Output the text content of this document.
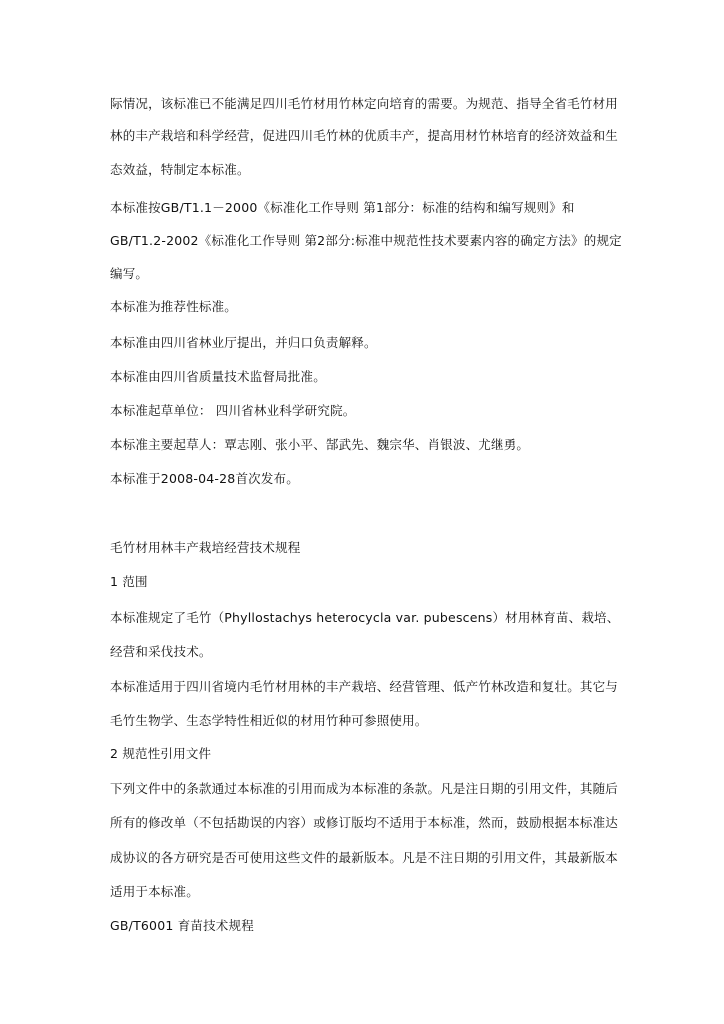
际情况，该标准已不能满足四川毛竹材用竹林定向培育的需要。为规范、指导全省毛竹材用
林的丰产栽培和科学经营，促进四川毛竹林的优质丰产，提高用材竹林培育的经济效益和生
态效益，特制定本标准。
本标准按GB/T1.1－2000《标准化工作导则 第1部分：标准的结构和编写规则》和
GB/T1.2-2002《标准化工作导则 第2部分:标准中规范性技术要素内容的确定方法》的规定
编写。
本标准为推荐性标准。
本标准由四川省林业厅提出，并归口负责解释。
本标准由四川省质量技术监督局批准。
本标准起草单位： 四川省林业科学研究院。
本标准主要起草人：覃志刚、张小平、郜武先、魏宗华、肖银波、尤继勇。
本标准于2008-04-28首次发布。
毛竹材用林丰产栽培经营技术规程
1 范围
本标准规定了毛竹（Phyllostachys heterocycla var. pubescens）材用林育苗、栽培、
经营和采伐技术。
本标准适用于四川省境内毛竹材用林的丰产栽培、经营管理、低产竹林改造和复壮。其它与
毛竹生物学、生态学特性相近似的材用竹种可参照使用。
2 规范性引用文件
下列文件中的条款通过本标准的引用而成为本标准的条款。凡是注日期的引用文件，其随后
所有的修改单（不包括勘误的内容）或修订版均不适用于本标准，然而，鼓励根据本标准达
成协议的各方研究是否可使用这些文件的最新版本。凡是不注日期的引用文件，其最新版本
适用于本标准。
GB/T6001 育苗技术规程
